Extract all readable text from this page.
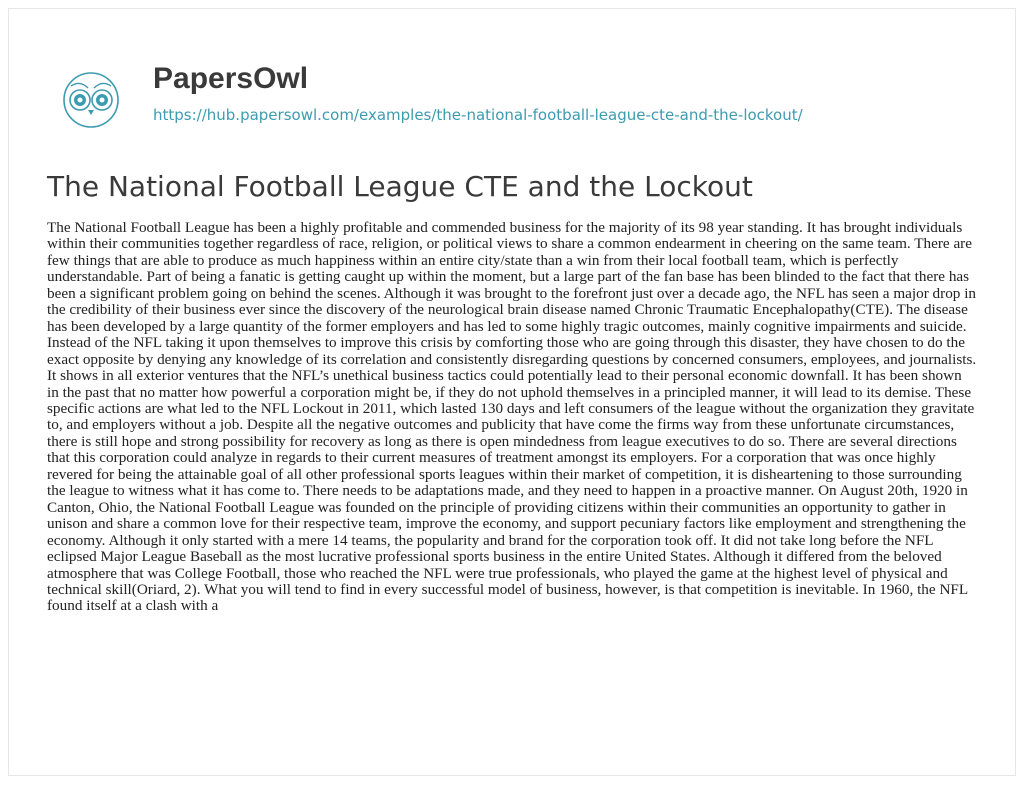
PapersOwl
https://hub.papersowl.com/examples/the-national-football-league-cte-and-the-lockout/
The National Football League CTE and the Lockout

The National Football League has been a highly profitable and commended business for the majority of its 98 year standing. It has brought individuals within their communities together regardless of race, religion, or political views to share a common endearment in cheering on the same team. There are few things that are able to produce as much happiness within an entire city/state than a win from their local football team, which is perfectly understandable. Part of being a fanatic is getting caught up within the moment, but a large part of the fan base has been blinded to the fact that there has been a significant problem going on behind the scenes. Although it was brought to the forefront just over a decade ago, the NFL has seen a major drop in the credibility of their business ever since the discovery of the neurological brain disease named Chronic Traumatic Encephalopathy(CTE). The disease has been developed by a large quantity of the former employers and has led to some highly tragic outcomes, mainly cognitive impairments and suicide. Instead of the NFL taking it upon themselves to improve this crisis by comforting those who are going through this disaster, they have chosen to do the exact opposite by denying any knowledge of its correlation and consistently disregarding questions by concerned consumers, employees, and journalists. It shows in all exterior ventures that the NFL’s unethical business tactics could potentially lead to their personal economic downfall. It has been shown in the past that no matter how powerful a corporation might be, if they do not uphold themselves in a principled manner, it will lead to its demise. These specific actions are what led to the NFL Lockout in 2011, which lasted 130 days and left consumers of the league without the organization they gravitate to, and employers without a job. Despite all the negative outcomes and publicity that have come the firms way from these unfortunate circumstances, there is still hope and strong possibility for recovery as long as there is open mindedness from league executives to do so. There are several directions that this corporation could analyze in regards to their current measures of treatment amongst its employers. For a corporation that was once highly revered for being the attainable goal of all other professional sports leagues within their market of competition, it is disheartening to those surrounding the league to witness what it has come to. There needs to be adaptations made, and they need to happen in a proactive manner. On August 20th, 1920 in Canton, Ohio, the National Football League was founded on the principle of providing citizens within their communities an opportunity to gather in unison and share a common love for their respective team, improve the economy, and support pecuniary factors like employment and strengthening the economy. Although it only started with a mere 14 teams, the popularity and brand for the corporation took off. It did not take long before the NFL eclipsed Major League Baseball as the most lucrative professional sports business in the entire United States. Although it differed from the beloved atmosphere that was College Football, those who reached the NFL were true professionals, who played the game at the highest level of physical and technical skill(Oriard, 2). What you will tend to find in every successful model of business, however, is that competition is inevitable. In 1960, the NFL found itself at a clash with a
